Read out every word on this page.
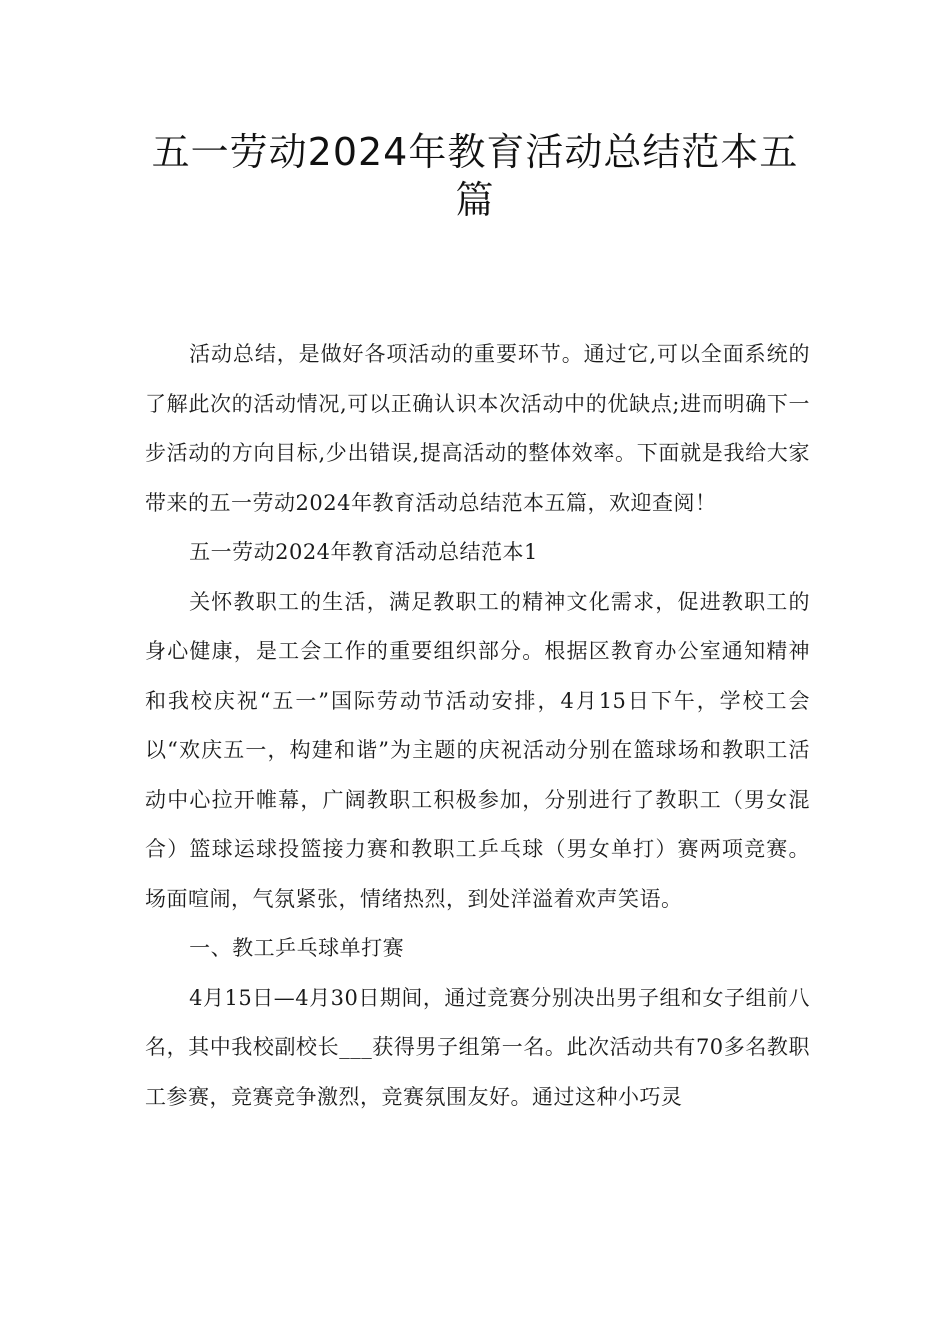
五一劳动2024年教育活动总结范本五篇

活动总结，是做好各项活动的重要环节。通过它,可以全面系统的了解此次的活动情况,可以正确认识本次活动中的优缺点;进而明确下一步活动的方向目标,少出错误,提高活动的整体效率。下面就是我给大家带来的五一劳动2024年教育活动总结范本五篇，欢迎查阅！

五一劳动2024年教育活动总结范本1

关怀教职工的生活，满足教职工的精神文化需求，促进教职工的身心健康，是工会工作的重要组织部分。根据区教育办公室通知精神和我校庆祝“五一”国际劳动节活动安排，4月15日下午，学校工会以“欢庆五一，构建和谐”为主题的庆祝活动分别在篮球场和教职工活动中心拉开帷幕，广阔教职工积极参加，分别进行了教职工（男女混合）篮球运球投篮接力赛和教职工乒乓球（男女单打）赛两项竞赛。场面喧闹，气氛紧张，情绪热烈，到处洋溢着欢声笑语。

一、教工乒乓球单打赛

4月15日—4月30日期间，通过竞赛分别决出男子组和女子组前八名，其中我校副校长___获得男子组第一名。此次活动共有70多名教职工参赛，竞赛竞争激烈，竞赛氛围友好。通过这种小巧灵
